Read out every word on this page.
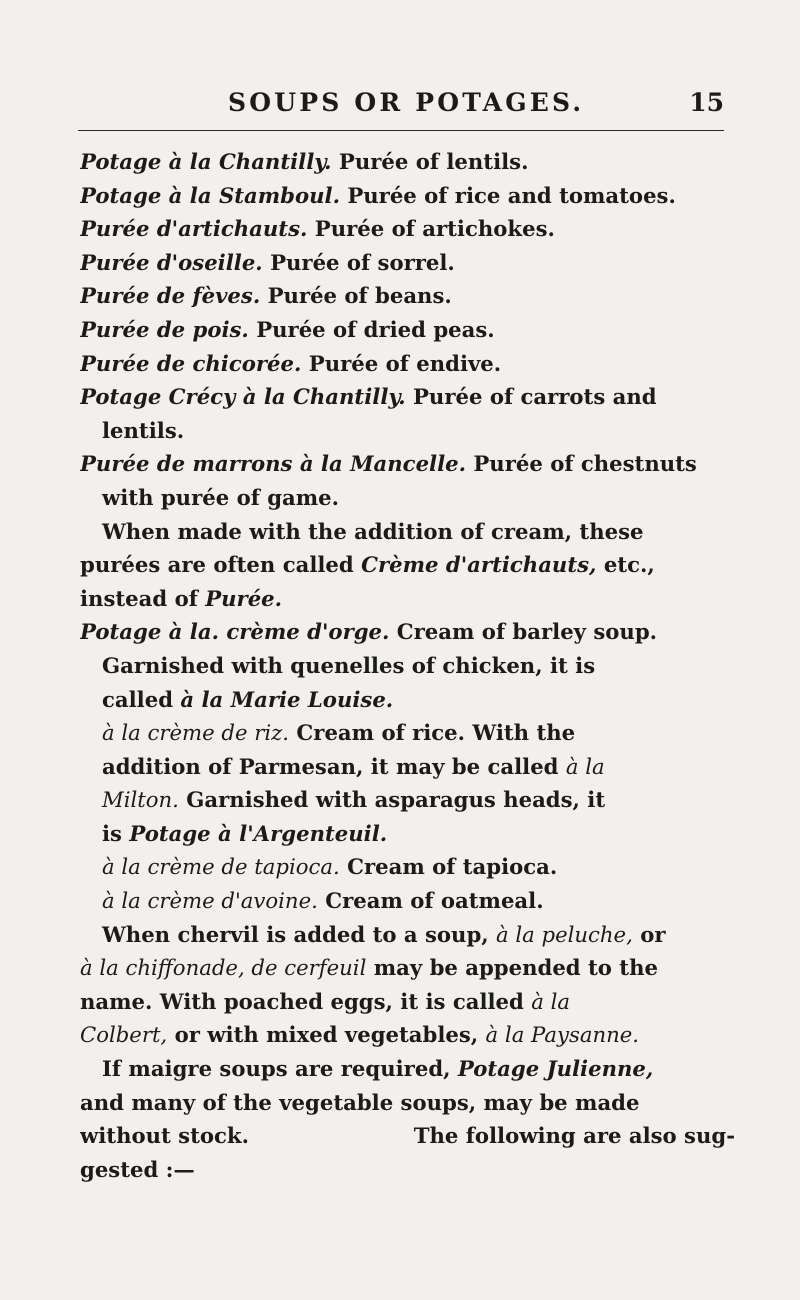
SOUPS OR POTAGES.	15
Potage à la Chantilly. Purée of lentils.
Potage à la Stamboul. Purée of rice and tomatoes.
Purée d'artichauts. Purée of artichokes.
Purée d'oseille. Purée of sorrel.
Purée de fèves. Purée of beans.
Purée de pois. Purée of dried peas.
Purée de chicorée. Purée of endive.
Potage Crécy à la Chantilly. Purée of carrots and
lentils.
Purée de marrons à la Mancelle. Purée of chestnuts
with purée of game.
When made with the addition of cream, these
purées are often called Crème d'artichauts, etc.,
instead of Purée.
Potage à la. crème d'orge. Cream of barley soup.
Garnished with quenelles of chicken, it is
called à la Marie Louise.
à la crème de riz. Cream of rice. With the
addition of Parmesan, it may be called à la
Milton. Garnished with asparagus heads, it
is Potage à l'Argenteuil.
à la crème de tapioca. Cream of tapioca.
à la crème d'avoine. Cream of oatmeal.
When chervil is added to a soup, à la peluche, or
à la chiffonade, de cerfeuil may be appended to the
name. With poached eggs, it is called à la
Colbert, or with mixed vegetables, à la Paysanne.
If maigre soups are required, Potage Julienne,
and many of the vegetable soups, may be made
without stock.	The following are also sug-
gested :—
